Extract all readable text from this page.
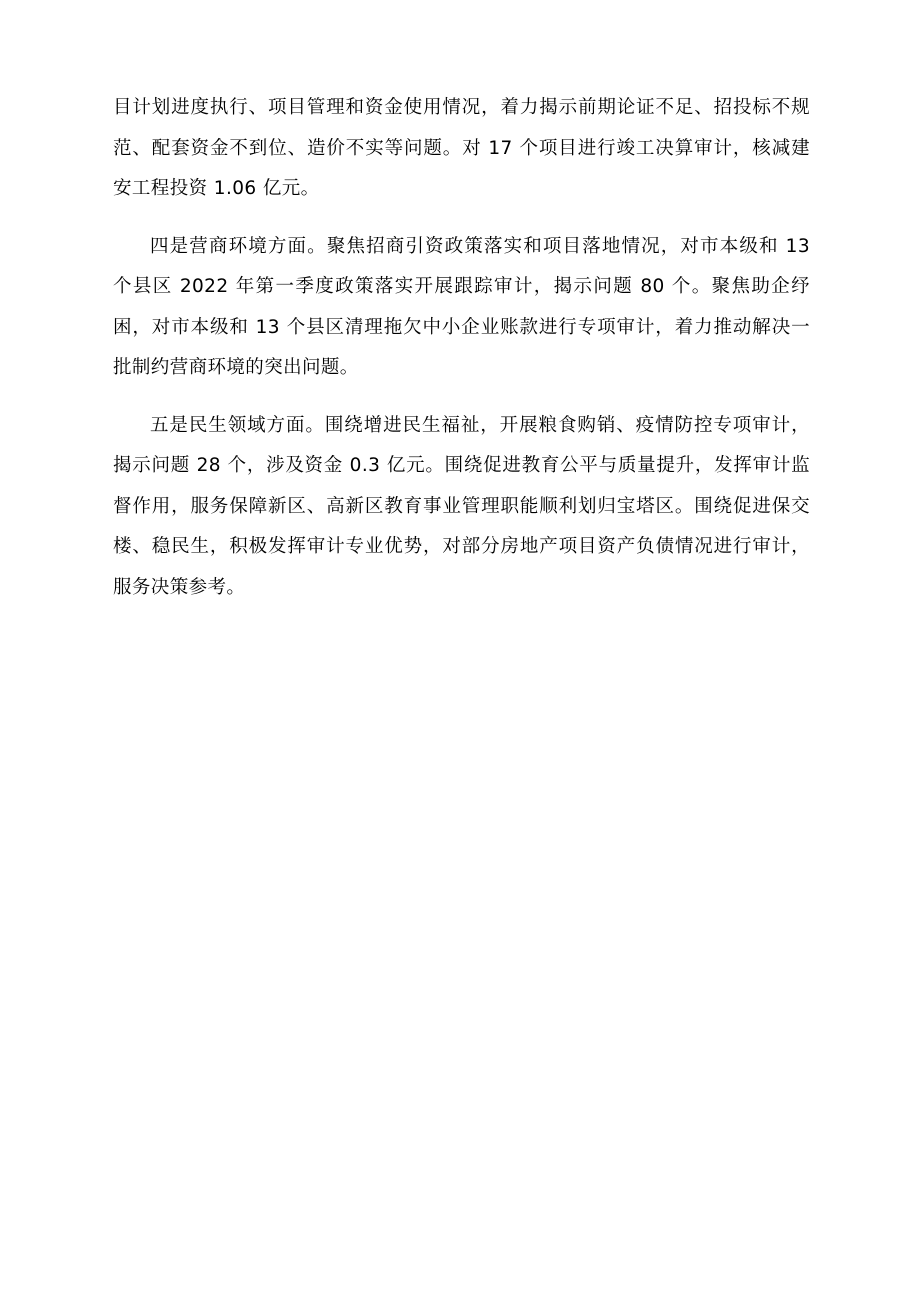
目计划进度执行、项目管理和资金使用情况，着力揭示前期论证不足、招投标不规范、配套资金不到位、造价不实等问题。对 17 个项目进行竣工决算审计，核减建安工程投资 1.06 亿元。

四是营商环境方面。聚焦招商引资政策落实和项目落地情况，对市本级和 13 个县区 2022 年第一季度政策落实开展跟踪审计，揭示问题 80 个。聚焦助企纾困，对市本级和 13 个县区清理拖欠中小企业账款进行专项审计，着力推动解决一批制约营商环境的突出问题。

五是民生领域方面。围绕增进民生福祉，开展粮食购销、疫情防控专项审计，揭示问题 28 个，涉及资金 0.3 亿元。围绕促进教育公平与质量提升，发挥审计监督作用，服务保障新区、高新区教育事业管理职能顺利划归宝塔区。围绕促进保交楼、稳民生，积极发挥审计专业优势，对部分房地产项目资产负债情况进行审计，服务决策参考。
